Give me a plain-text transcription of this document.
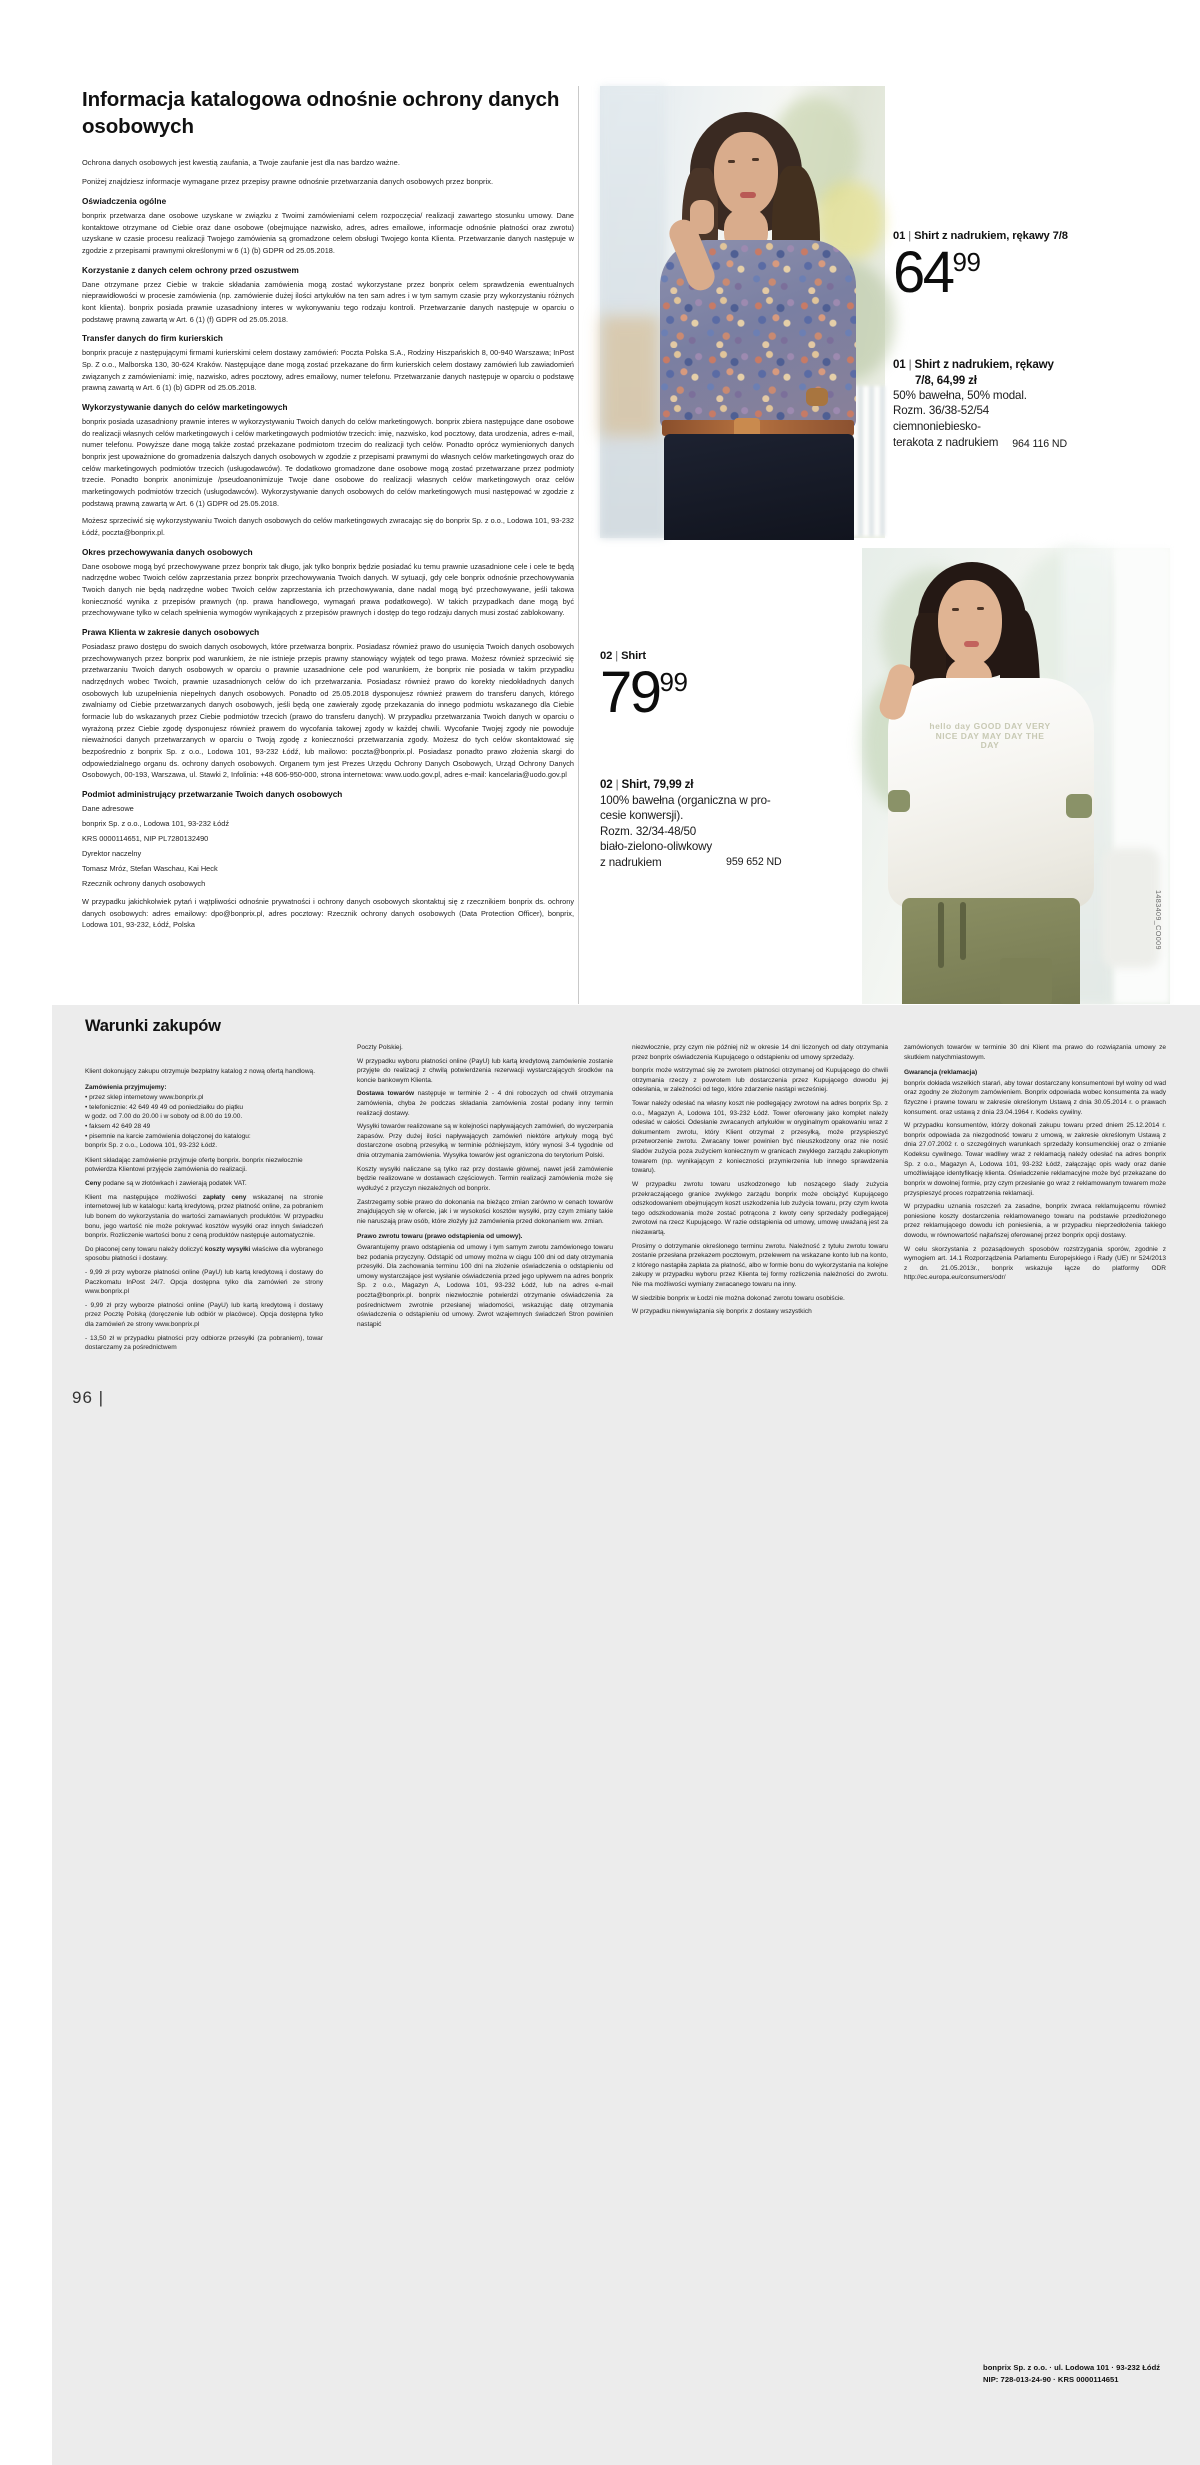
Informacja katalogowa odnośnie ochrony danych osobowych

Ochrona danych osobowych jest kwestią zaufania, a Twoje zaufanie jest dla nas bardzo ważne.

Poniżej znajdziesz informacje wymagane przez przepisy prawne odnośnie przetwarzania danych osobowych przez bonprix.

Oświadczenia ogólne

bonprix przetwarza dane osobowe uzyskane w związku z Twoimi zamówieniami celem rozpoczęcia/ realizacji zawartego stosunku umowy. Dane kontaktowe otrzymane od Ciebie oraz dane osobowe (obejmujące nazwisko, adres, adres emailowe, informacje odnośnie płatności oraz zwrotu) uzyskane w czasie procesu realizacji Twojego zamówienia są gromadzone celem obsługi Twojego konta Klienta. Przetwarzanie danych następuje w zgodzie z przepisami prawnymi określonymi w 6 (1) (b) GDPR od 25.05.2018.

Korzystanie z danych celem ochrony przed oszustwem

Dane otrzymane przez Ciebie w trakcie składania zamówienia mogą zostać wykorzystane przez bonprix celem sprawdzenia ewentualnych nieprawidłowości w procesie zamówienia (np. zamówienie dużej ilości artykułów na ten sam adres i w tym samym czasie przy wykorzystaniu różnych kont klienta). bonprix posiada prawnie uzasadniony interes w wykonywaniu tego rodzaju kontroli. Przetwarzanie danych następuje w oparciu o podstawę prawną zawartą w Art. 6 (1) (f) GDPR od 25.05.2018.

Transfer danych do firm kurierskich

bonprix pracuje z następującymi firmami kurierskimi celem dostawy zamówień: Poczta Polska S.A., Rodziny Hiszpańskich 8, 00-940 Warszawa; InPost Sp. Z o.o., Malborska 130, 30-624 Kraków. Następujące dane mogą zostać przekazane do firm kurierskich celem dostawy zamówień lub zawiadomień związanych z zamówieniami: imię, nazwisko, adres pocztowy, adres emailowy, numer telefonu. Przetwarzanie danych następuje w oparciu o podstawę prawną zawartą w Art. 6 (1) (b) GDPR od 25.05.2018.

Wykorzystywanie danych do celów marketingowych

bonprix posiada uzasadniony prawnie interes w wykorzystywaniu Twoich danych do celów marketingowych. bonprix zbiera następujące dane osobowe do realizacji własnych celów marketingowych i celów marketingowych podmiotów trzecich: imię, nazwisko, kod pocztowy, data urodzenia, adres e-mail, numer telefonu. Powyższe dane mogą także zostać przekazane podmiotom trzecim do realizacji tych celów. Ponadto oprócz wymienionych danych bonprix jest upoważnione do gromadzenia dalszych danych osobowych w zgodzie z przepisami prawnymi do własnych celów marketingowych oraz do celów marketingowych podmiotów trzecich (usługodawców). Te dodatkowo gromadzone dane osobowe mogą zostać przetwarzane przez podmioty trzecie. Ponadto bonprix anonimizuje /pseudoanonimizuje Twoje dane osobowe do realizacji własnych celów marketingowych oraz celów marketingowych podmiotów trzecich (usługodawców). Wykorzystywanie danych osobowych do celów marketingowych musi następować w zgodzie z podstawą prawną zawartą w Art. 6 (1) GDPR od 25.05.2018.

Możesz sprzeciwić się wykorzystywaniu Twoich danych osobowych do celów marketingowych zwracając się do bonprix Sp. z o.o., Lodowa 101, 93-232 Łódź, poczta@bonprix.pl.

Okres przechowywania danych osobowych

Dane osobowe mogą być przechowywane przez bonprix tak długo, jak tylko bonprix będzie posiadać ku temu prawnie uzasadnione cele i cele te będą nadrzędne wobec Twoich celów zaprzestania przez bonprix przechowywania Twoich danych. W sytuacji, gdy cele bonprix odnośnie przechowywania Twoich danych nie będą nadrzędne wobec Twoich celów zaprzestania ich przechowywania, dane nadal mogą być przechowywane, jeśli takowa konieczność wynika z przepisów prawnych (np. prawa handlowego, wymagań prawa podatkowego). W takich przypadkach dane mogą być przechowywane tylko w celach spełnienia wymogów wynikających z przepisów prawnych i dostęp do tego rodzaju danych musi zostać zablokowany.

Prawa Klienta w zakresie danych osobowych

Posiadasz prawo dostępu do swoich danych osobowych, które przetwarza bonprix. Posiadasz również prawo do usunięcia Twoich danych osobowych przechowywanych przez bonprix pod warunkiem, że nie istnieje przepis prawny stanowiący wyjątek od tego prawa. Możesz również sprzeciwić się przetwarzaniu Twoich danych osobowych w oparciu o prawnie uzasadnione cele pod warunkiem, że bonprix nie posiada w takim przypadku nadrzędnych wobec Twoich, prawnie uzasadnionych celów do ich przetwarzania. Posiadasz również prawo do korekty niedokładnych danych osobowych lub uzupełnienia niepełnych danych osobowych. Ponadto od 25.05.2018 dysponujesz również prawem do transferu danych, którego zwalniamy od Ciebie przetwarzanych danych osobowych, jeśli będą one zawierały zgodę przekazania do innego podmiotu wskazanego dla Ciebie formacie lub do wskazanych przez Ciebie podmiotów trzecich (prawo do transferu danych). W przypadku przetwarzania Twoich danych w oparciu o wyrażoną przez Ciebie zgodę dysponujesz również prawem do wycofania takowej zgody w każdej chwili. Wycofanie Twojej zgody nie powoduje nieważności danych przetwarzanych w oparciu o Twoją zgodę z konieczności przetwarzania zgody. Możesz do tych celów skontaktować się bezpośrednio z bonprix Sp. z o.o., Lodowa 101, 93-232 Łódź, lub mailowo: poczta@bonprix.pl. Posiadasz ponadto prawo złożenia skargi do odpowiedzialnego organu ds. ochrony danych osobowych. Organem tym jest Prezes Urzędu Ochrony Danych Osobowych, Urząd Ochrony Danych Osobowych, 00-193, Warszawa, ul. Stawki 2, Infolinia: +48 606-950-000, strona internetowa: www.uodo.gov.pl, adres e-mail: kancelaria@uodo.gov.pl

Podmiot administrujący przetwarzanie Twoich danych osobowych

Dane adresowe

bonprix Sp. z o.o., Lodowa 101, 93-232 Łódź

KRS 0000114651, NIP PL7280132490

Dyrektor naczelny

Tomasz Mróz, Stefan Waschau, Kai Heck

Rzecznik ochrony danych osobowych

W przypadku jakichkolwiek pytań i wątpliwości odnośnie prywatności i ochrony danych osobowych skontaktuj się z rzecznikiem bonprix ds. ochrony danych osobowych: adres emailowy: dpo@bonprix.pl, adres pocztowy: Rzecznik ochrony danych osobowych (Data Protection Officer), bonprix, Lodowa 101, 93-232, Łódź, Polska

01 | Shirt z nadrukiem, rękawy 7/8
64 99
01 | Shirt z nadrukiem, rękawy
7/8, 64,99 zł
50% bawełna, 50% modal.
Rozm. 36/38-52/54
ciemnoniebiesko-
terakota z nadrukiem 964 116 ND
02 | Shirt
79 99
02 | Shirt, 79,99 zł
100% bawełna (organiczna w pro-
cesie konwersji).
Rozm. 32/34-48/50
biało-zielono-oliwkowy
z nadrukiem	959 652 ND
hello day GOOD DAY VERY NICE DAY MAY DAY THE DAY
1483409_CO009
Warunki zakupów

Klient dokonujący zakupu otrzymuje bezpłatny katalog z nową ofertą handlową.

Zamówienia przyjmujemy:

• przez sklep internetowy www.bonprix.pl

• telefonicznie: 42 649 49 49 od poniedziałku do piątku

w godz. od 7.00 do 20.00 i w soboty od 8.00 do 19.00.

• faksem 42 649 28 49

• pisemnie na karcie zamówienia dołączonej do katalogu:

bonprix Sp. z o.o., Lodowa 101, 93-232 Łódź.

Klient składając zamówienie przyjmuje ofertę bonprix. bonprix niezwłocznie potwierdza Klientowi przyjęcie zamówienia do realizacji.

Ceny podane są w złotówkach i zawierają podatek VAT.

Klient ma następujące możliwości zapłaty ceny wskazanej na stronie internetowej lub w katalogu: kartą kredytową, przez płatność online, za pobraniem lub bonem do wykorzystania do wartości zamawianych produktów. W przypadku bonu, jego wartość nie może pokrywać kosztów wysyłki oraz innych świadczeń bonprix. Rozliczenie wartości bonu z ceną produktów następuje automatycznie.

Do płaconej ceny towaru należy doliczyć koszty wysyłki właściwe dla wybranego sposobu płatności i dostawy.

- 9,99 zł przy wyborze płatności online (PayU) lub kartą kredytową i dostawy do Paczkomatu InPost 24/7. Opcja dostępna tylko dla zamówień ze strony www.bonprix.pl

- 9,99 zł przy wyborze płatności online (PayU) lub kartą kredytową i dostawy przez Pocztę Polską (doręczenie lub odbiór w placówce). Opcja dostępna tylko dla zamówień ze strony www.bonprix.pl

- 13,50 zł w przypadku płatności przy odbiorze przesyłki (za pobraniem), towar dostarczamy za pośrednictwem

Poczty Polskiej.

W przypadku wyboru płatności online (PayU) lub kartą kredytową zamówienie zostanie przyjęte do realizacji z chwilą potwierdzenia rezerwacji wystarczających środków na koncie bankowym Klienta.

Dostawa towarów następuje w terminie 2 - 4 dni roboczych od chwili otrzymania zamówienia, chyba że podczas składania zamówienia został podany inny termin realizacji dostawy.

Wysyłki towarów realizowane są w kolejności napływających zamówień, do wyczerpania zapasów. Przy dużej ilości napływających zamówień niektóre artykuły mogą być dostarczone osobną przesyłką w terminie późniejszym, który wynosi 3-4 tygodnie od dnia otrzymania zamówienia. Wysyłka towarów jest ograniczona do terytorium Polski.

Koszty wysyłki naliczane są tylko raz przy dostawie głównej, nawet jeśli zamówienie będzie realizowane w dostawach częściowych. Termin realizacji zamówienia może się wydłużyć z przyczyn niezależnych od bonprix.

Zastrzegamy sobie prawo do dokonania na bieżąco zmian zarówno w cenach towarów znajdujących się w ofercie, jak i w wysokości kosztów wysyłki, przy czym zmiany takie nie naruszają praw osób, które złożyły już zamówienia przed dokonaniem ww. zmian.

Prawo zwrotu towaru (prawo odstąpienia od umowy).

Gwarantujemy prawo odstąpienia od umowy i tym samym zwrotu zamówionego towaru bez podania przyczyny. Odstąpić od umowy można w ciągu 100 dni od daty otrzymania przesyłki. Dla zachowania terminu 100 dni na złożenie oświadczenia o odstąpieniu od umowy wystarczające jest wysłanie oświadczenia przed jego upływem na adres bonprix Sp. z o.o., Magazyn A, Lodowa 101, 93-232 Łódź, lub na adres e-mail poczta@bonprix.pl. bonprix niezwłocznie potwierdzi otrzymanie oświadczenia za pośrednictwem zwrotnie przesłanej wiadomości, wskazując datę otrzymania oświadczenia o odstąpieniu od umowy. Zwrot wzajemnych świadczeń Stron powinien nastąpić

niezwłocznie, przy czym nie później niż w okresie 14 dni liczonych od daty otrzymania przez bonprix oświadczenia Kupującego o odstąpieniu od umowy sprzedaży.

bonprix może wstrzymać się ze zwrotem płatności otrzymanej od Kupującego do chwili otrzymania rzeczy z powrotem lub dostarczenia przez Kupującego dowodu jej odesłania, w zależności od tego, które zdarzenie nastąpi wcześniej.

Towar należy odesłać na własny koszt nie podlegający zwrotowi na adres bonprix Sp. z o.o., Magazyn A, Lodowa 101, 93-232 Łódź. Tower oferowany jako komplet należy odesłać w całości. Odesłanie zwracanych artykułów w oryginalnym opakowaniu wraz z dokumentem zwrotu, który Klient otrzymał z przesyłką, może przyspieszyć przetworzenie zwrotu. Zwracany tower powinien być nieuszkodzony oraz nie nosić śladów zużycia poza zużyciem koniecznym w granicach zwykłego zarządu zakupionym towarem (np. wynikającym z konieczności przymierzenia lub innego sprawdzenia towaru).

W przypadku zwrotu towaru uszkodzonego lub noszącego ślady zużycia przekraczającego granice zwykłego zarządu bonprix może obciążyć Kupującego odszkodowaniem obejmującym koszt uszkodzenia lub zużycia towaru, przy czym kwota tego odszkodowania może zostać potrącona z kwoty ceny sprzedaży podlegającej zwrotowi na rzecz Kupującego. W razie odstąpienia od umowy, umowę uważaną jest za niezawartą.

Prosimy o dotrzymanie określonego terminu zwrotu. Należność z tytułu zwrotu towaru zostanie przesłana przekazem pocztowym, przelewem na wskazane konto lub na konto, z którego nastąpiła zapłata za płatność, albo w formie bonu do wykorzystania na kolejne zakupy w przypadku wyboru przez Klienta tej formy rozliczenia należności do zwrotu. Nie ma możliwości wymiany zwracanego towaru na inny.

W siedzibie bonprix w Łodzi nie można dokonać zwrotu towaru osobiście.

W przypadku niewywiązania się bonprix z dostawy wszystkich

zamówionych towarów w terminie 30 dni Klient ma prawo do rozwiązania umowy ze skutkiem natychmiastowym.

Gwarancja (reklamacja)

bonprix dokłada wszelkich starań, aby towar dostarczany konsumentowi był wolny od wad oraz zgodny ze złożonym zamówieniem. Bonprix odpowiada wobec konsumenta za wady fizyczne i prawne towaru w zakresie określonym Ustawą z dnia 30.05.2014 r. o prawach konsument. oraz ustawą z dnia 23.04.1964 r. Kodeks cywilny.

W przypadku konsumentów, którzy dokonali zakupu towaru przed dniem 25.12.2014 r. bonprix odpowiada za niezgodność towaru z umową, w zakresie określonym Ustawą z dnia 27.07.2002 r. o szczególnych warunkach sprzedaży konsumenckiej oraz o zmianie Kodeksu cywilnego. Towar wadliwy wraz z reklamacją należy odesłać na adres bonprix Sp. z o.o., Magazyn A, Lodowa 101, 93-232 Łódź, załączając opis wady oraz danie umożliwiające identyfikację klienta. Oświadczenie reklamacyjne może być przekazane do bonprix w dowolnej formie, przy czym przesłanie go wraz z reklamowanym towarem może przyspieszyć proces rozpatrzenia reklamacji.

W przypadku uznania roszczeń za zasadne, bonprix zwraca reklamującemu również poniesione koszty dostarczenia reklamowanego towaru na podstawie przedłożonego przez reklamującego dowodu ich poniesienia, a w przypadku nieprzedłożenia takiego dowodu, w równowartość najtańszej oferowanej przez bonprix opcji dostawy.

W celu skorzystania z pozasądowych sposobów rozstrzygania sporów, zgodnie z wymogiem art. 14.1 Rozporządzenia Parlamentu Europejskiego i Rady (UE) nr 524/2013 z dn. 21.05.2013r., bonprix wskazuje łącze do platformy ODR http://ec.europa.eu/consumers/odr/

bonprix Sp. z o.o. · ul. Lodowa 101 · 93-232 Łódź
NIP: 728-013-24-90 · KRS 0000114651
96 |
